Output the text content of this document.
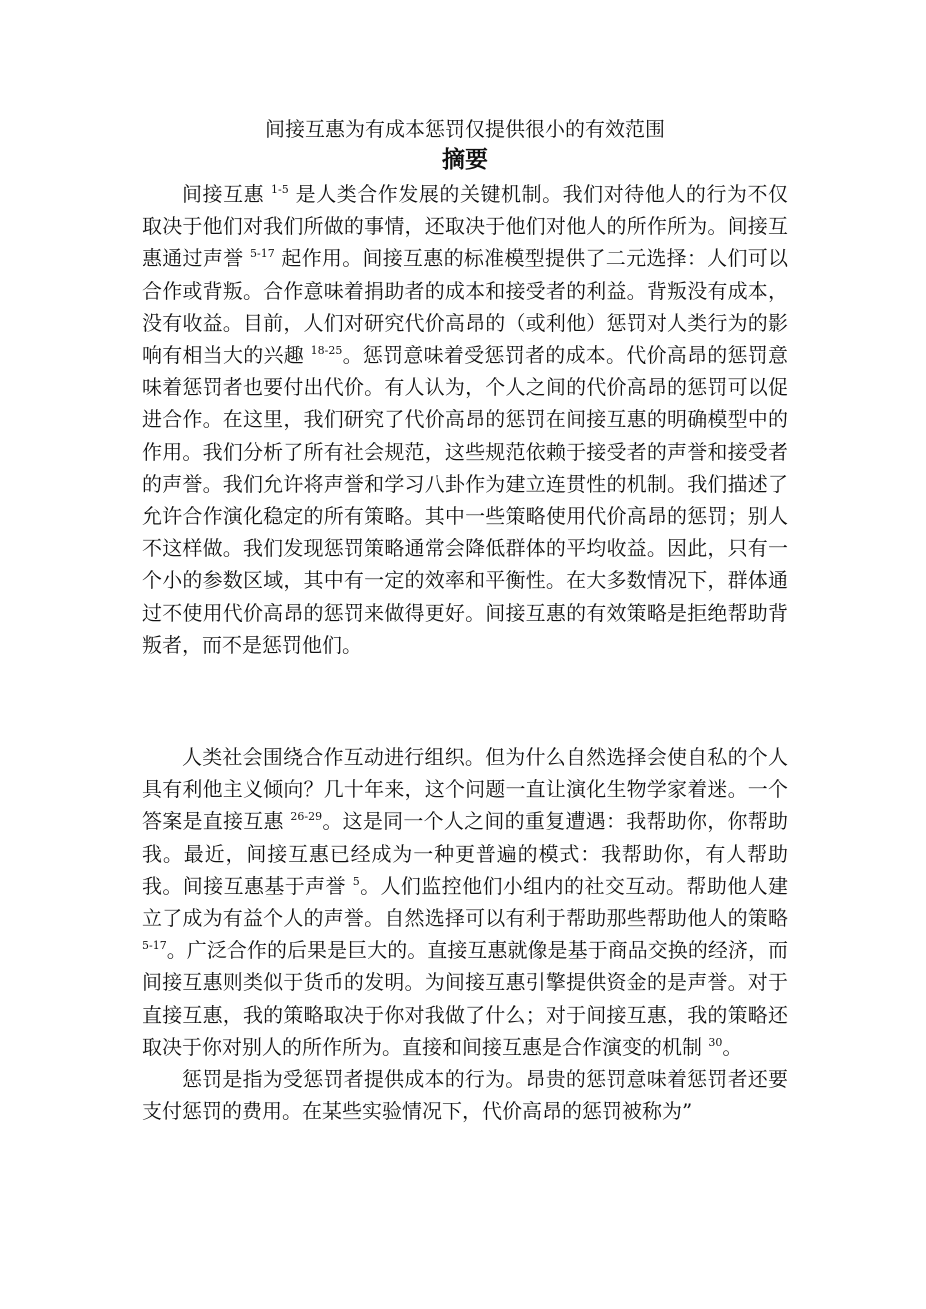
间接互惠为有成本惩罚仅提供很小的有效范围
摘要

间接互惠 $^{1-5}$ 是人类合作发展的关键机制。我们对待他人的行为不仅取决于他们对我们所做的事情，还取决于他们对他人的所作所为。间接互惠通过声誉 $^{5-17}$ 起作用。间接互惠的标准模型提供了二元选择：人们可以合作或背叛。合作意味着捐助者的成本和接受者的利益。背叛没有成本，没有收益。目前，人们对研究代价高昂的（或利他）惩罚对人类行为的影响有相当大的兴趣 $^{18-25}$。惩罚意味着受惩罚者的成本。代价高昂的惩罚意味着惩罚者也要付出代价。有人认为，个人之间的代价高昂的惩罚可以促进合作。在这里，我们研究了代价高昂的惩罚在间接互惠的明确模型中的作用。我们分析了所有社会规范，这些规范依赖于接受者的声誉和接受者的声誉。我们允许将声誉和学习八卦作为建立连贯性的机制。我们描述了允许合作演化稳定的所有策略。其中一些策略使用代价高昂的惩罚；别人不这样做。我们发现惩罚策略通常会降低群体的平均收益。因此，只有一个小的参数区域，其中有一定的效率和平衡性。在大多数情况下，群体通过不使用代价高昂的惩罚来做得更好。间接互惠的有效策略是拒绝帮助背叛者，而不是惩罚他们。

人类社会围绕合作互动进行组织。但为什么自然选择会使自私的个人具有利他主义倾向？几十年来，这个问题一直让演化生物学家着迷。一个答案是直接互惠 $^{26-29}$。这是同一个人之间的重复遭遇：我帮助你，你帮助我。最近，间接互惠已经成为一种更普遍的模式：我帮助你，有人帮助我。间接互惠基于声誉 $^5$。人们监控他们小组内的社交互动。帮助他人建立了成为有益个人的声誉。自然选择可以有利于帮助那些帮助他人的策略 $^{5-17}$。广泛合作的后果是巨大的。直接互惠就像是基于商品交换的经济，而间接互惠则类似于货币的发明。为间接互惠引擎提供资金的是声誉。对于直接互惠，我的策略取决于你对我做了什么；对于间接互惠，我的策略还取决于你对别人的所作所为。直接和间接互惠是合作演变的机制 $^{30}$。

惩罚是指为受惩罚者提供成本的行为。昂贵的惩罚意味着惩罚者还要支付惩罚的费用。在某些实验情况下，代价高昂的惩罚被称为”
